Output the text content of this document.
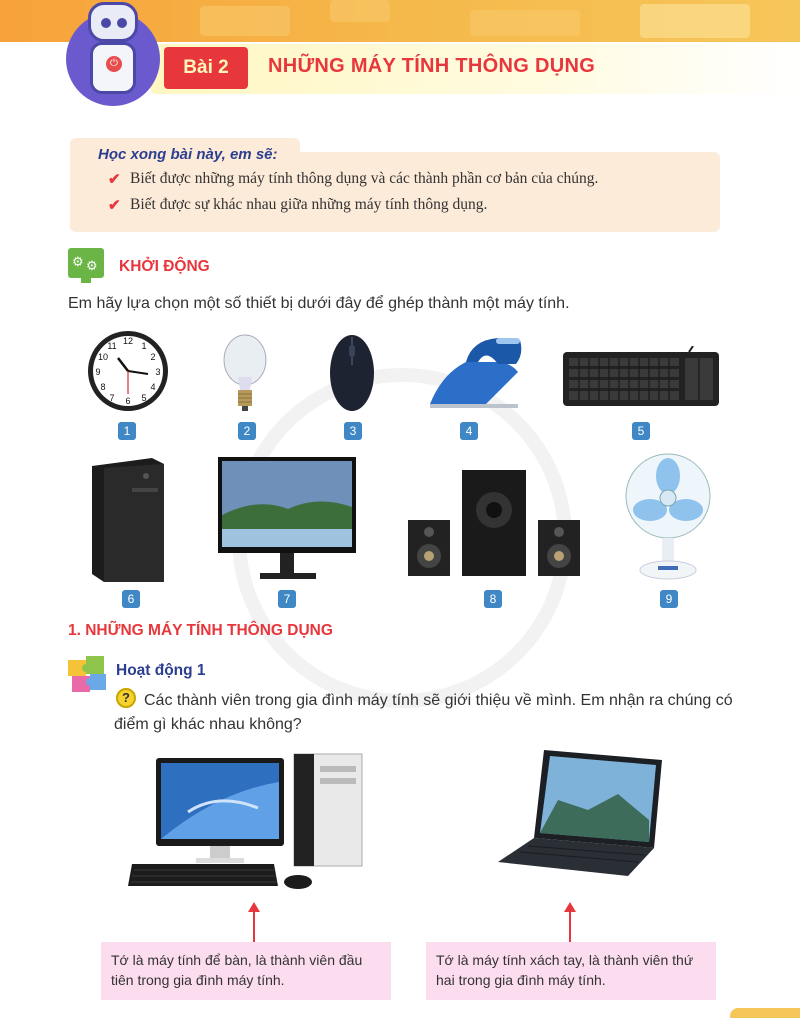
⏻	Bài 2	NHỮNG MÁY TÍNH THÔNG DỤNG
Học xong bài này, em sẽ:
✔ Biết được những máy tính thông dụng và các thành phần cơ bản của chúng.
✔ Biết được sự khác nhau giữa những máy tính thông dụng.
⚙ ⚙ KHỞI ĐỘNG
Em hãy lựa chọn một số thiết bị dưới đây để ghép thành một máy tính.
12
6
9	3
1
2
4
5
7
8
10
11
1	2	3	4	5
6	7	8	9
1. NHỮNG MÁY TÍNH THÔNG DỤNG
Hoạt động 1
Các thành viên trong gia đình máy tính sẽ giới thiệu về mình. Em nhận ra chúng có điểm gì khác nhau không?
?
Tớ là máy tính để bàn, là thành viên đầu tiên trong gia đình máy tính.
Tớ là máy tính xách tay, là thành viên thứ hai trong gia đình máy tính.
